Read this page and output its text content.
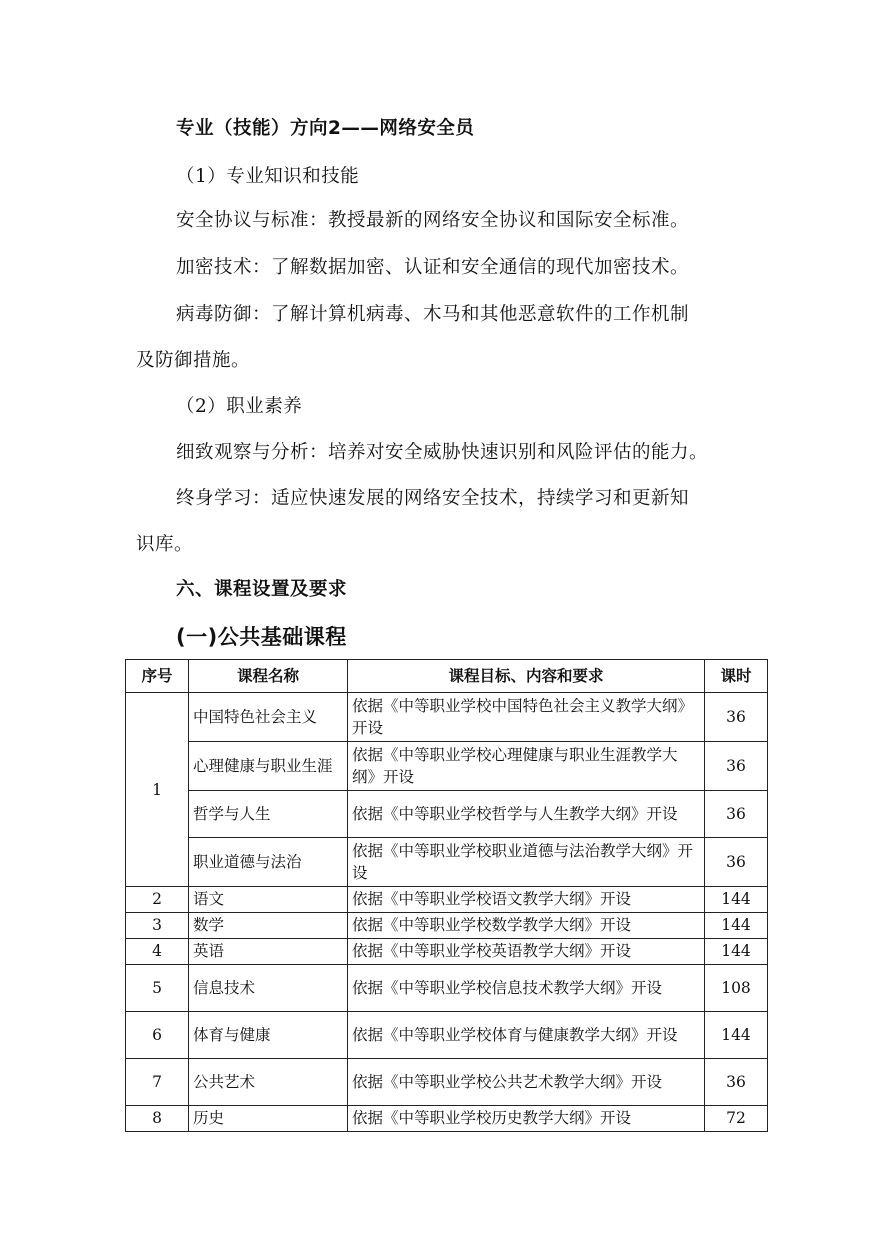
专业（技能）方向2——网络安全员
（1）专业知识和技能
安全协议与标准：教授最新的网络安全协议和国际安全标准。
加密技术：了解数据加密、认证和安全通信的现代加密技术。
病毒防御：了解计算机病毒、木马和其他恶意软件的工作机制
及防御措施。
（2）职业素养
细致观察与分析：培养对安全威胁快速识别和风险评估的能力。
终身学习：适应快速发展的网络安全技术，持续学习和更新知
识库。
六、课程设置及要求
(一)公共基础课程
序号	课程名称	课程目标、内容和要求	课时
1	中国特色社会主义	依据《中等职业学校中国特色社会主义教学大纲》开设	36
	心理健康与职业生涯	依据《中等职业学校心理健康与职业生涯教学大纲》开设	36
	哲学与人生	依据《中等职业学校哲学与人生教学大纲》开设	36
	职业道德与法治	依据《中等职业学校职业道德与法治教学大纲》开设	36
2	语文	依据《中等职业学校语文教学大纲》开设	144
3	数学	依据《中等职业学校数学教学大纲》开设	144
4	英语	依据《中等职业学校英语教学大纲》开设	144
5	信息技术	依据《中等职业学校信息技术教学大纲》开设	108
6	体育与健康	依据《中等职业学校体育与健康教学大纲》开设	144
7	公共艺术	依据《中等职业学校公共艺术教学大纲》开设	36
8	历史	依据《中等职业学校历史教学大纲》开设	72
